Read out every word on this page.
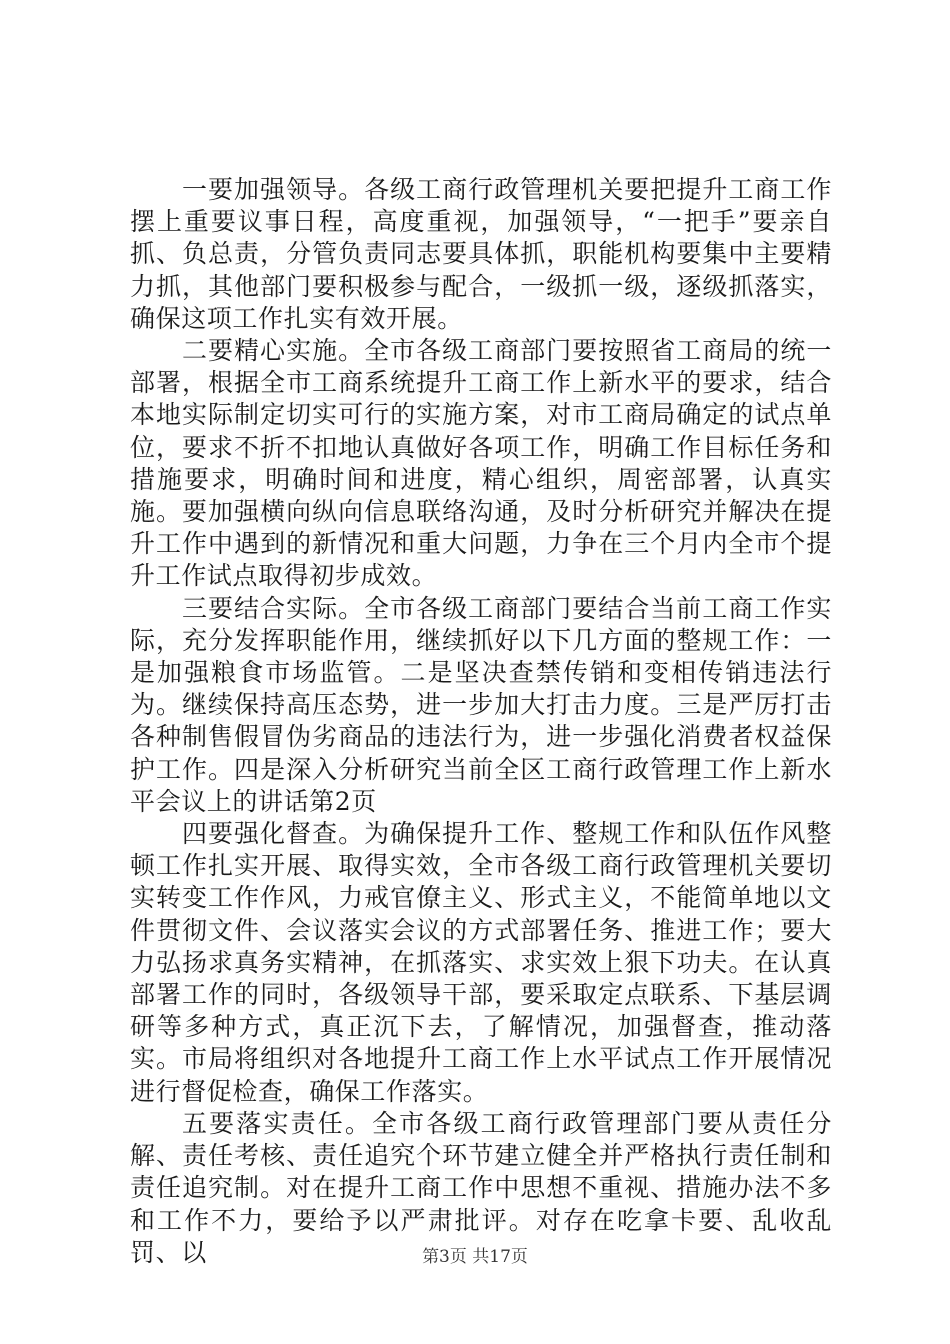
一要加强领导。各级工商行政管理机关要把提升工商工作摆上重要议事日程，高度重视，加强领导，“一把手”要亲自抓、负总责，分管负责同志要具体抓，职能机构要集中主要精力抓，其他部门要积极参与配合，一级抓一级，逐级抓落实，确保这项工作扎实有效开展。

二要精心实施。全市各级工商部门要按照省工商局的统一部署，根据全市工商系统提升工商工作上新水平的要求，结合本地实际制定切实可行的实施方案，对市工商局确定的试点单位，要求不折不扣地认真做好各项工作，明确工作目标任务和措施要求，明确时间和进度，精心组织，周密部署，认真实施。要加强横向纵向信息联络沟通，及时分析研究并解决在提升工作中遇到的新情况和重大问题，力争在三个月内全市个提升工作试点取得初步成效。

三要结合实际。全市各级工商部门要结合当前工商工作实际，充分发挥职能作用，继续抓好以下几方面的整规工作：一是加强粮食市场监管。二是坚决查禁传销和变相传销违法行为。继续保持高压态势，进一步加大打击力度。三是严厉打击各种制售假冒伪劣商品的违法行为，进一步强化消费者权益保护工作。四是深入分析研究当前全区工商行政管理工作上新水平会议上的讲话第2页

四要强化督查。为确保提升工作、整规工作和队伍作风整顿工作扎实开展、取得实效，全市各级工商行政管理机关要切实转变工作作风，力戒官僚主义、形式主义，不能简单地以文件贯彻文件、会议落实会议的方式部署任务、推进工作；要大力弘扬求真务实精神，在抓落实、求实效上狠下功夫。在认真部署工作的同时，各级领导干部，要采取定点联系、下基层调研等多种方式，真正沉下去，了解情况，加强督查，推动落实。市局将组织对各地提升工商工作上水平试点工作开展情况进行督促检查，确保工作落实。

五要落实责任。全市各级工商行政管理部门要从责任分解、责任考核、责任追究个环节建立健全并严格执行责任制和责任追究制。对在提升工商工作中思想不重视、措施办法不多和工作不力，要给予以严肃批评。对存在吃拿卡要、乱收乱罚、以	第3页 共17页
